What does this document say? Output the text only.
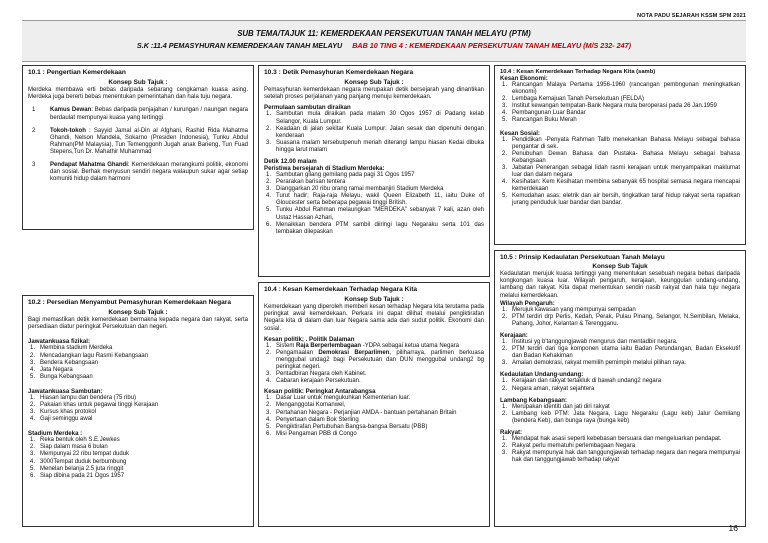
NOTA PADU SEJARAH KSSM SPM 2021
SUB TEMA/TAJUK 11: KEMERDEKAAN PERSEKUTUAN TANAH MELAYU (PTM)
S.K :11.4 PEMASYHURAN KEMERDEKAAN TANAH MELAYU BAB 10 TING 4 : KEMERDEKAAN PERSEKUTUAN TANAH MELAYU (M/S 232- 247)
10.1 : Pengertian Kemerdekaan
Konsep Sub Tajuk :

Merdeka membawa erti bebas daripada sebarang cengkaman kuasa asing. Merdeka juga bererti bebas menentukan pemerintahan dan hala tuju negara.

1 Kamus Dewan: Bebas daripada penjajahan / kurungan / naungan negara berdaulat mempunyai kuasa yang tertinggi
2 Tokoh-tokoh : Sayyid Jamal al-Din al Afghani, Rashid Rida Mahatma Ghandi, Nelson Mandela, Sokarno (Presiden Indonesia), Tunku Abdul Rahman(PM Malaysia), Tun Temenggonh Jugah anak Barieng, Tun Fuad Stepens,Tun Dr. Mahathir Muhammad
3 Pendapat Mahatma Ghandi: Kemerdekaan merangkumi politik, ekonomi dan sosial. Berhak menyusun sendiri negara walaupun sukar agar setiap komuniti hidup dalam harmoni
10.2 : Persedian Menyambut Pemasyhuran Kemerdekaan Negara
Konsep Sub Tajuk :

Bagi memastikan detik kemerdekaan bermakna kepada negara dan rakyat, serta persediaan diatur peringkat Persekutuan dan negeri.

Jawatankuasa fizikal:
1. Membina stadium Merdeka
2. Mencadangkan lagu Rasmi Kebangsaan
3. Bendera Kebangsaan
4. Jata Negara
5. Bunga Kebangsaan
Jawatankuasa Sambutan:
1. Hiasan lampu dan bendera (75 ribu)
2. Pakaian khas untuk pegawai tinggi Kerajaan
3. Kursus khas protokol
4. Gaji seminggu awal
Stadium Merdeka :
1. Reka bentuk oleh S.E.Jewkes
2. Siap dalam masa 6 bulan
3. Mempunyai 22 ribu tempat duduk
4. 3000Tempat duduk berbumbung
5. Menelan belanja 2.5 juta ringgit
6. Siap dibina pada 21 Ogos 1957
10.3 : Detik Pemasyhuran Kemerdekaan Negara
Konsep Sub Tajuk :

Pemasyhuran kemerdekaan negara merupakan detik bersejarah yang dinantikan setelah proses perjalanan yang panjang menuju kemerdekaan.

Permulaan sambutan diraikan
1. Sambutan mula diraikan pada malam 30 Ogos 1957 di Padang kelab Selangor, Kuala Lumpur.
2. Keadaan di jalan sekitar Kuala Lumpur: Jalan sesak dan dipenuhi dengan kenderaan
3. Suasana malam tersebutpenuh meriah diterangi lampu hiasan Kedai dibuka hingga larut malam
Detik 12.00 malam
Peristiwa bersejarah di Stadium Merdeka:
1. Sambutan gilang gemilang pada pagi 31 Ogos 1957
2. Perarakan barisan tentera
3. Dianggarkan 20 ribu orang ramai membanjiri Stadium Merdeka
4. Turut hadir; Raja-raja Melayu, wakil Queen Elizabeth 11, iaitu Duke of Gloucester serta beberapa pegawai tinggi British.
5. Tunku Abdul Rahman melaungkan "MERDEKA" sebanyak 7 kali, azan oleh Ustaz Hassan Azhari,
6. Menaikkan bendera PTM sambil diiringi lagu Negaraku serta 101 das tembakan dilepaskan
10.4 : Kesan Kemerdekaan Terhadap Negara Kita
Konsep Sub Tajuk :

Kemerdekaan yang diperoleh memberi kesan terhadap Negara kita terutama pada peringkat awal kemerdekaan. Perkara ini dapat dilihat melalui pengiktirafan Negara kita di dalam dan luar Negara sama ada dari sudut politik. Ekonomi dan sosial.

Kesan politik; . Politik Dalaman
1. Sistem Raja Berperlembagaan -YDPA sebagai ketua utama Negara
2. Pengamaalan Demokrasi Berparlimen, piliharraya, parlimen berkuasa menggubal undag2 bagi Persekutuan dan DUN menggubal undang2 bg peringkat negeri.
3. Pentadbiran Negara oleh Kabinet.
4. Cabaran kerajaan Persekutuan.
Kesan politik: Peringkat Antarabangsa
1. Dasar Luar untuk mengukuhkan Kementerian luar.
2. Menganggotai Komanwel,
3. Pertahanan Negara - Perjanjian AMDA - bantuan pertahanan Britain
4. Penyertaan dalam Bok Sterling
5. Pengiktirafan Pertubuhan Bangsa-bangsa Bersatu (PBB)
6. Misi Pengaman PBB di Congo
10.4 : Kesan Kemerdekaan Terhadap Negara Kita (samb)
Kesan Ekonomi:
1. Rancangan Malaya Pertama 1956-1960 (rancangan pembngunan meningkatkan ekonomi)
2. Lembaga Kemajuan Tanah Persekutuan (FELDA)
3. Institut kewangan tempatan-Bank Negara mula beroperasi pada 26 Jan.1959
4. Pembangunan Luar Bandar
5. Rancangan Buku Merah
Kesan Sosial:
1. Pendidikan -Penyata Rahman Tallb menekankan Bahasa Melayu sebagai bahasa pengantar di sek.
2. Penubuhan Dewan Bahasa dan Pustaka- Bahasa Melayu sebagai bahasa Kebangsaan
3. Jabatan Penerangan sebagai lidah rasmi kerajaan untuk menyampaikan maklumat luar dan dalam negara
4. Kesihatan: Kem Kesihatan membina sebanyak 65 hospital semasa negara mencapai kemerdekaan
5. Kemudahan asas: eletrik dan air bersih, tingkatkan taraf hidup rakyat serta rapatkan jurang penduduk luar bandar dan bandar.
10.5 : Prinsip Kedaulatan Persekutuan Tanah Melayu
Konsep Sub Tajuk

Kedaulatan merujuk kuasa tertinggi yang menentukan sesebuah negara bebas daripada kongkongan kuasa luar. Wilayah pengaruh, kerajaan, keunggulan undang-undang, lambang dan rakyat. Kita dapat menentukan sendiri nasib rakyat dan hala tuju negara melalui kemerdekaan.

Wilayah Pengaruh:
1. Merujuk kawasan yang mempunyai sempadan
2. PTM terdiri drp Perlis, Kedah, Perak, Pulau Pinang, Selangor, N.Sembilan, Melaka, Pahang, Johor, Kelantan & Terengganu.
Kerajaan:
1. Institusi yg b'tanggungjawab mengurus dan mentadbir negara.
2. PTM terdiri dari tiga komponen utama iaitu Badan Perundangan, Badan Eksekutif dan Badan Kehakiman
3. Amalan demokrasi, rakyat memilih pemimpin melalui pilihan raya.
Kedaulatan Undang-undang:
1. Kerajaan dan rakyat tertakluk di bawah undang2 negara
2. Negara aman, rakyat sejahtera
Lambang Kebangsaan:
1. Merupakan identiti dan jati diri rakyat
2. Lambang keb PTM: Jata Negara, Lagu Negaraku (Lagu keb) Jalur Gemilang (bendera Keb), dan bunga raya (bunga keb)
Rakyat:
1. Mendapat hak asasi seperti kebebasan bersuara dan mengeluarkan pendapat.
2. Rakyat perlu mematuhi perlembagaan Negara
3. Rakyat mempunyai hak dan tanggungjawab terhadap negara dan negara mempunyai hak dan tanggungjawab terhadap rakyat
16
